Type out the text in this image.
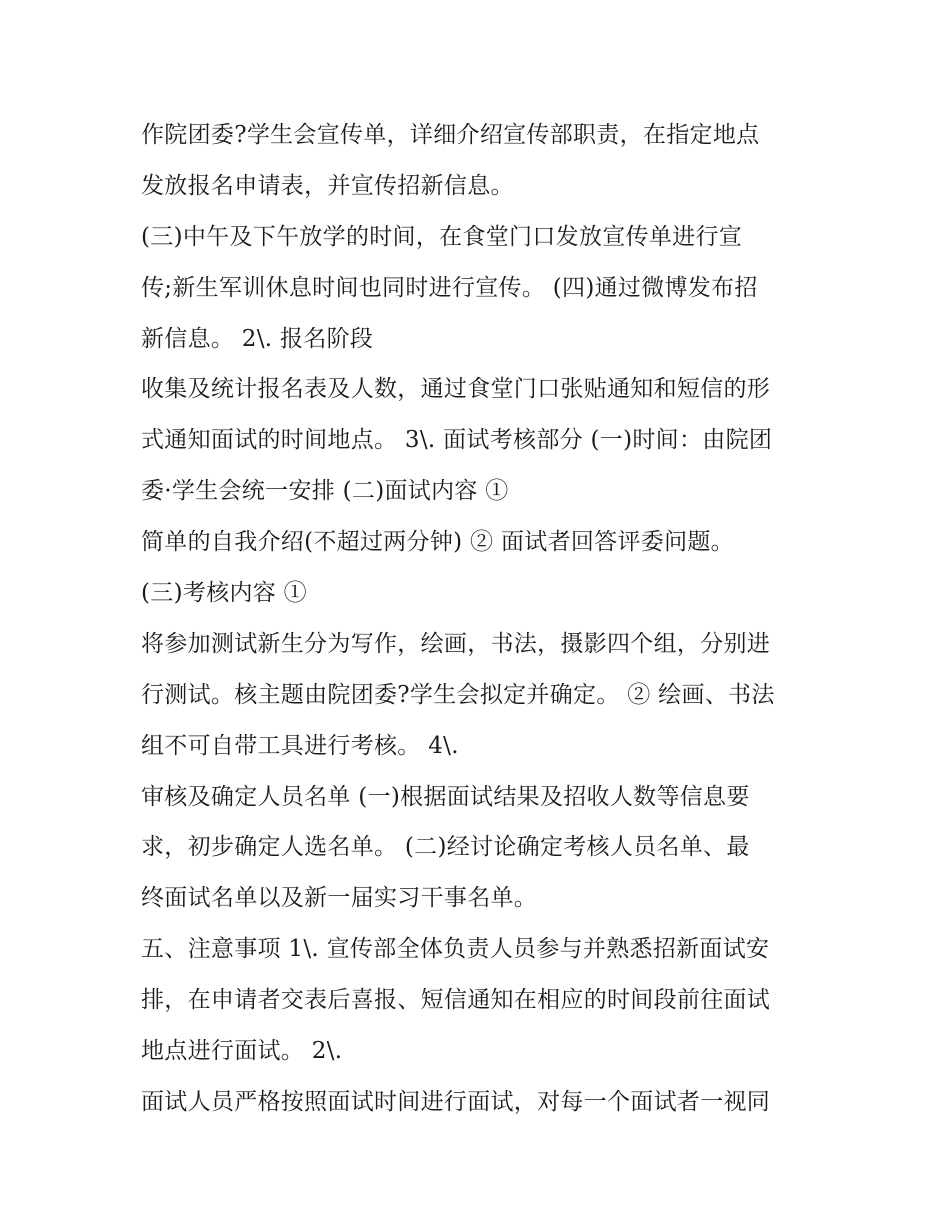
作院团委?学生会宣传单，详细介绍宣传部职责，在指定地点
发放报名申请表，并宣传招新信息。
(三)中午及下午放学的时间，在食堂门口发放宣传单进行宣
传;新生军训休息时间也同时进行宣传。 (四)通过微博发布招
新信息。 2\. 报名阶段
收集及统计报名表及人数，通过食堂门口张贴通知和短信的形
式通知面试的时间地点。 3\. 面试考核部分 (一)时间：由院团
委·学生会统一安排 (二)面试内容 ①
简单的自我介绍(不超过两分钟) ② 面试者回答评委问题。
(三)考核内容 ①
将参加测试新生分为写作，绘画，书法，摄影四个组，分别进
行测试。核主题由院团委?学生会拟定并确定。 ② 绘画、书法
组不可自带工具进行考核。 4\.
审核及确定人员名单 (一)根据面试结果及招收人数等信息要
求，初步确定人选名单。 (二)经讨论确定考核人员名单、最
终面试名单以及新一届实习干事名单。
五、注意事项 1\. 宣传部全体负责人员参与并熟悉招新面试安
排，在申请者交表后喜报、短信通知在相应的时间段前往面试
地点进行面试。 2\.
面试人员严格按照面试时间进行面试，对每一个面试者一视同
